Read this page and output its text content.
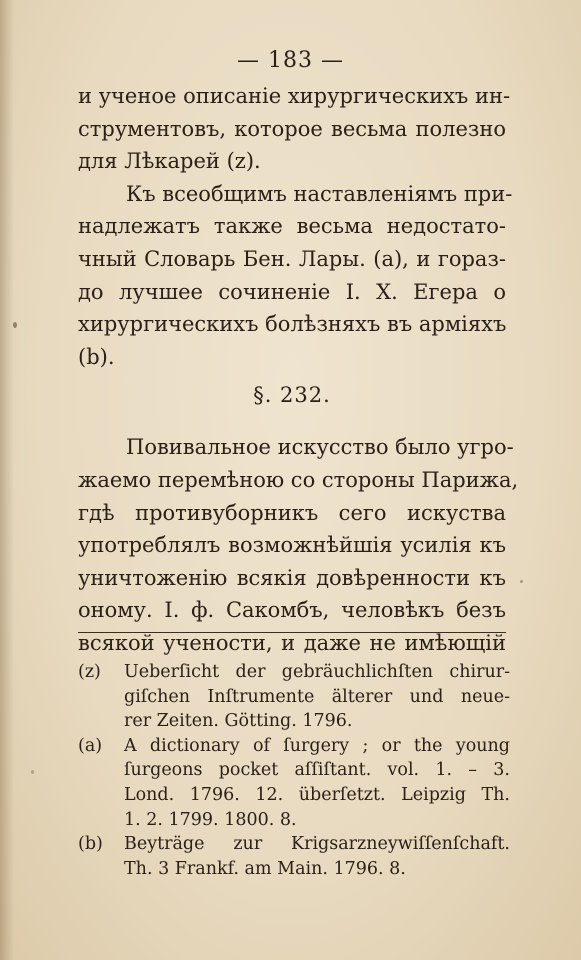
— 183 —
и ученое описаніе хирургическихъ ин-
струментовъ, которое весьма полезно
для Лѣкарей (z).
Къ всеобщимъ наставленіямъ при-
надлежатъ также весьма недостато-
чный Словарь Бен. Лары. (а), и гораз-
до лучшее сочиненіе І. Х. Егера о
хирургическихъ болѣзняхъ въ арміяхъ
(b).
§. 232.
Повивальное искусство было угро-
жаемо перемѣною со стороны Парижа,
гдѣ противуборникъ сего искуства
употреблялъ возможнѣйшія усилія къ
уничтоженію всякія довѣренности къ
оному. І. ф. Сакомбъ, человѣкъ безъ
всякой учености, и даже не имѣющій
(z)	Ueberſicht der gebräuchlichſten chirur-
giſchen Inſtrumente älterer und neue-
rer Zeiten. Götting. 1796.
(a)	A dictionary of ſurgery ; or the young
ſurgeons pocket aſſiſtant. vol. 1. – 3.
Lond. 1796. 12. überſetzt. Leipzig Th.
1. 2. 1799. 1800. 8.
(b)	Beyträge zur Krigsarzneywiſſenſchaft.
Th. 3 Frankf. am Main. 1796. 8.
